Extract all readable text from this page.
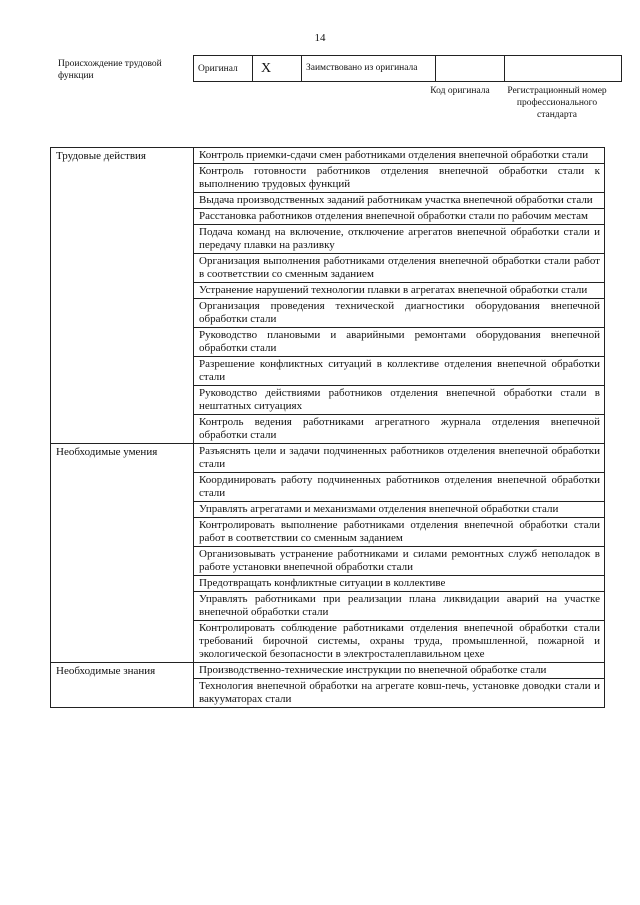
14
Происхождение трудовой функции
Оригинал	X	Заимствовано из оригинала		
Код оригинала	Регистрационный номер профессионального стандарта
Трудовые действия	Контроль приемки-сдачи смен работниками отделения внепечной обработки стали
	Контроль готовности работников отделения внепечной обработки стали к выполнению трудовых функций
	Выдача производственных заданий работникам участка внепечной обработки стали
	Расстановка работников отделения внепечной обработки стали по рабочим местам
	Подача команд на включение, отключение агрегатов внепечной обработки стали и передачу плавки на разливку
	Организация выполнения работниками отделения внепечной обработки стали работ в соответствии со сменным заданием
	Устранение нарушений технологии плавки в агрегатах внепечной обработки стали
	Организация проведения технической диагностики оборудования внепечной обработки стали
	Руководство плановыми и аварийными ремонтами оборудования внепечной обработки стали
	Разрешение конфликтных ситуаций в коллективе отделения внепечной обработки стали
	Руководство действиями работников отделения внепечной обработки стали в нештатных ситуациях
	Контроль ведения работниками агрегатного журнала отделения внепечной обработки стали
Необходимые умения	Разъяснять цели и задачи подчиненных работников отделения внепечной обработки стали
	Координировать работу подчиненных работников отделения внепечной обработки стали
	Управлять агрегатами и механизмами отделения внепечной обработки стали
	Контролировать выполнение работниками отделения внепечной обработки стали работ в соответствии со сменным заданием
	Организовывать устранение работниками и силами ремонтных служб неполадок в работе установки внепечной обработки стали
	Предотвращать конфликтные ситуации в коллективе
	Управлять работниками при реализации плана ликвидации аварий на участке внепечной обработки стали
	Контролировать соблюдение работниками отделения внепечной обработки стали требований бирочной системы, охраны труда, промышленной, пожарной и экологической безопасности в электросталеплавильном цехе
Необходимые знания	Производственно-технические инструкции по внепечной обработке стали
	Технология внепечной обработки на агрегате ковш-печь, установке доводки стали и вакууматорах стали
